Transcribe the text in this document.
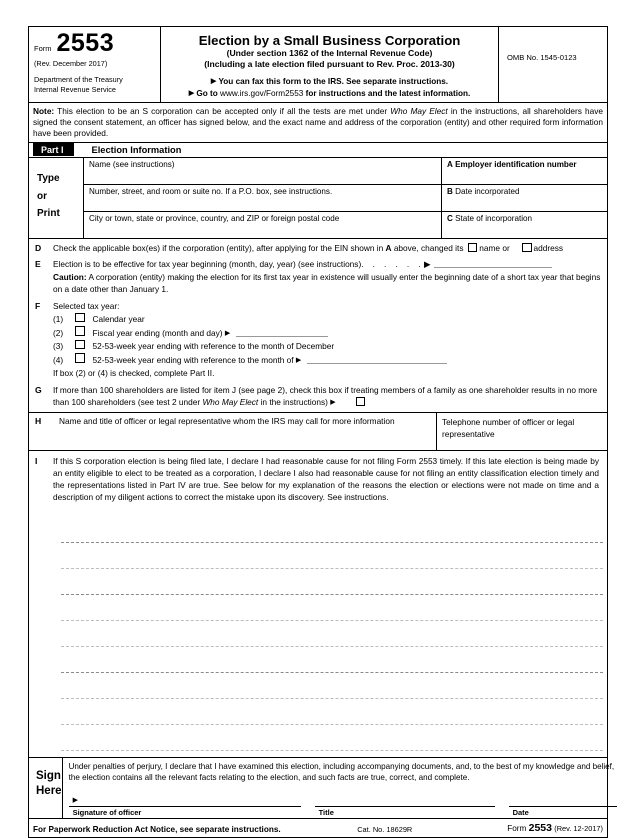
Form 2553
(Rev. December 2017)
Department of the Treasury
Internal Revenue Service
Election by a Small Business Corporation
(Under section 1362 of the Internal Revenue Code)
(Including a late election filed pursuant to Rev. Proc. 2013-30)
▶ You can fax this form to the IRS. See separate instructions.
▶ Go to www.irs.gov/Form2553 for instructions and the latest information.
OMB No. 1545-0123
Note: This election to be an S corporation can be accepted only if all the tests are met under Who May Elect in the instructions, all shareholders have signed the consent statement, an officer has signed below, and the exact name and address of the corporation (entity) and other required form information have been provided.
Part I	Election Information
Type
or
Print
Name (see instructions)	A Employer identification number
Number, street, and room or suite no. If a P.O. box, see instructions.	B Date incorporated
City or town, state or province, country, and ZIP or foreign postal code	C State of incorporation
D	Check the applicable box(es) if the corporation (entity), after applying for the EIN shown in A above, changed its name or	address
E	Election is to be effective for tax year beginning (month, day, year) (see instructions). . . . . .▶
Caution: A corporation (entity) making the election for its first tax year in existence will usually enter the beginning date of a short tax year that begins on a date other than January 1.
F	Selected tax year:
(1)	Calendar year
(2)	Fiscal year ending (month and day) ▶
(3)	52-53-week year ending with reference to the month of December
(4)	52-53-week year ending with reference to the month of ▶
If box (2) or (4) is checked, complete Part II.
G	If more than 100 shareholders are listed for item J (see page 2), check this box if treating members of a family as one shareholder results in no more than 100 shareholders (see test 2 under Who May Elect in the instructions) ▶
H Name and title of officer or legal representative whom the IRS may call for more information	Telephone number of officer or legal representative
I	If this S corporation election is being filed late, I declare I had reasonable cause for not filing Form 2553 timely. If this late election is being made by an entity eligible to elect to be treated as a corporation, I declare I also had reasonable cause for not filing an entity classification election timely and the representations listed in Part IV are true. See below for my explanation of the reasons the election or elections were not made on time and a description of my diligent actions to correct the mistake upon its discovery. See instructions.
Sign
Here
Under penalties of perjury, I declare that I have examined this election, including accompanying documents, and, to the best of my knowledge and belief, the election contains all the relevant facts relating to the election, and such facts are true, correct, and complete.
▶
Signature of officer	Title	Date
For Paperwork Reduction Act Notice, see separate instructions.	Cat. No. 18629R	Form 2553 (Rev. 12-2017)
